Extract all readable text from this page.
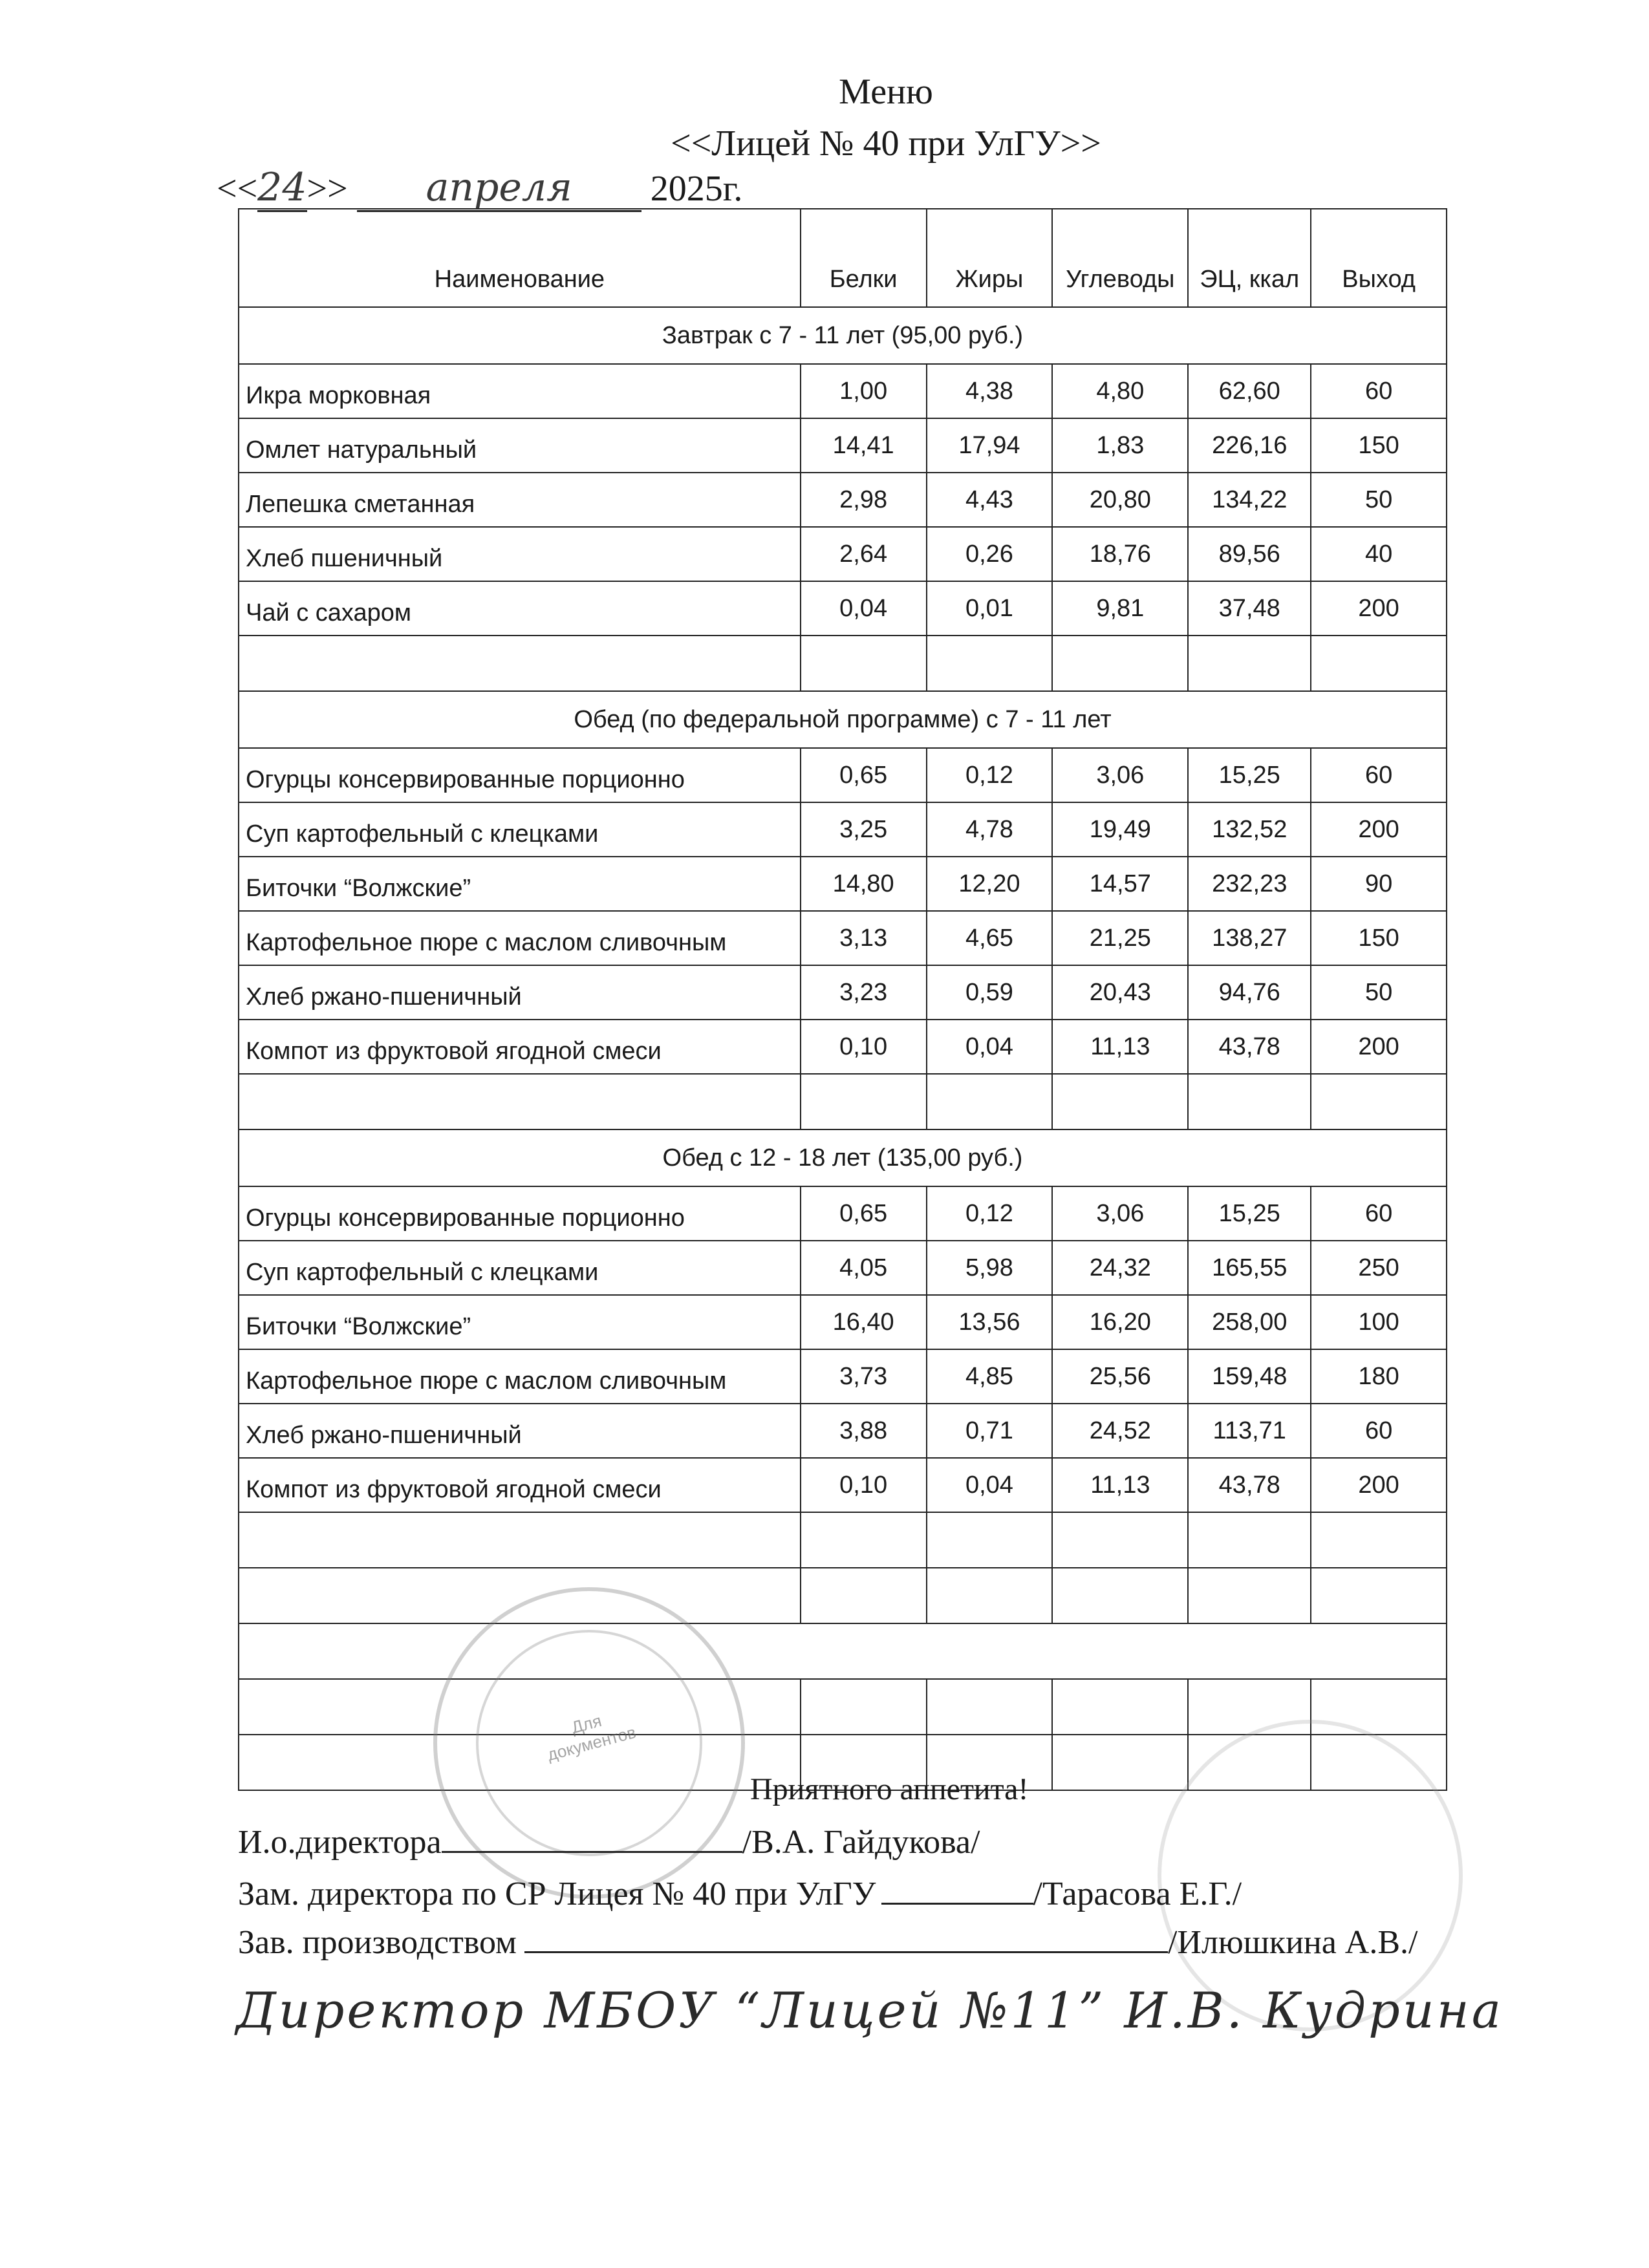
Меню
<<Лицей № 40 при УлГУ>>
<<24>> апреля 2025г.
Наименование	Белки	Жиры	Углеводы	ЭЦ, ккал	Выход
Завтрак с 7 - 11 лет (95,00 руб.)					
Икра морковная	1,00	4,38	4,80	62,60	60
Омлет натуральный	14,41	17,94	1,83	226,16	150
Лепешка сметанная	2,98	4,43	20,80	134,22	50
Хлеб пшеничный	2,64	0,26	18,76	89,56	40
Чай с сахаром	0,04	0,01	9,81	37,48	200

Обед (по федеральной программе) с 7 - 11 лет					
Огурцы консервированные порционно	0,65	0,12	3,06	15,25	60
Суп картофельный с клецками	3,25	4,78	19,49	132,52	200
Биточки “Волжские”	14,80	12,20	14,57	232,23	90
Картофельное пюре с маслом сливочным	3,13	4,65	21,25	138,27	150
Хлеб ржано-пшеничный	3,23	0,59	20,43	94,76	50
Компот из фруктовой ягодной смеси	0,10	0,04	11,13	43,78	200

Обед с 12 - 18 лет (135,00 руб.)					
Огурцы консервированные порционно	0,65	0,12	3,06	15,25	60
Суп картофельный с клецками	4,05	5,98	24,32	165,55	250
Биточки “Волжские”	16,40	13,56	16,20	258,00	100
Картофельное пюре с маслом сливочным	3,73	4,85	25,56	159,48	180
Хлеб ржано-пшеничный	3,88	0,71	24,52	113,71	60
Компот из фруктовой ягодной смеси	0,10	0,04	11,13	43,78	200

Для документов
Приятного аппетита!
И.о.директора	/В.А. Гайдукова/
Зам. директора по СР Лицея № 40 при УлГУ	/Тарасова Е.Г./
Зав. производством	/Илюшкина А.В./
Директор МБОУ “Лицей №11” И.В. Кудрина
